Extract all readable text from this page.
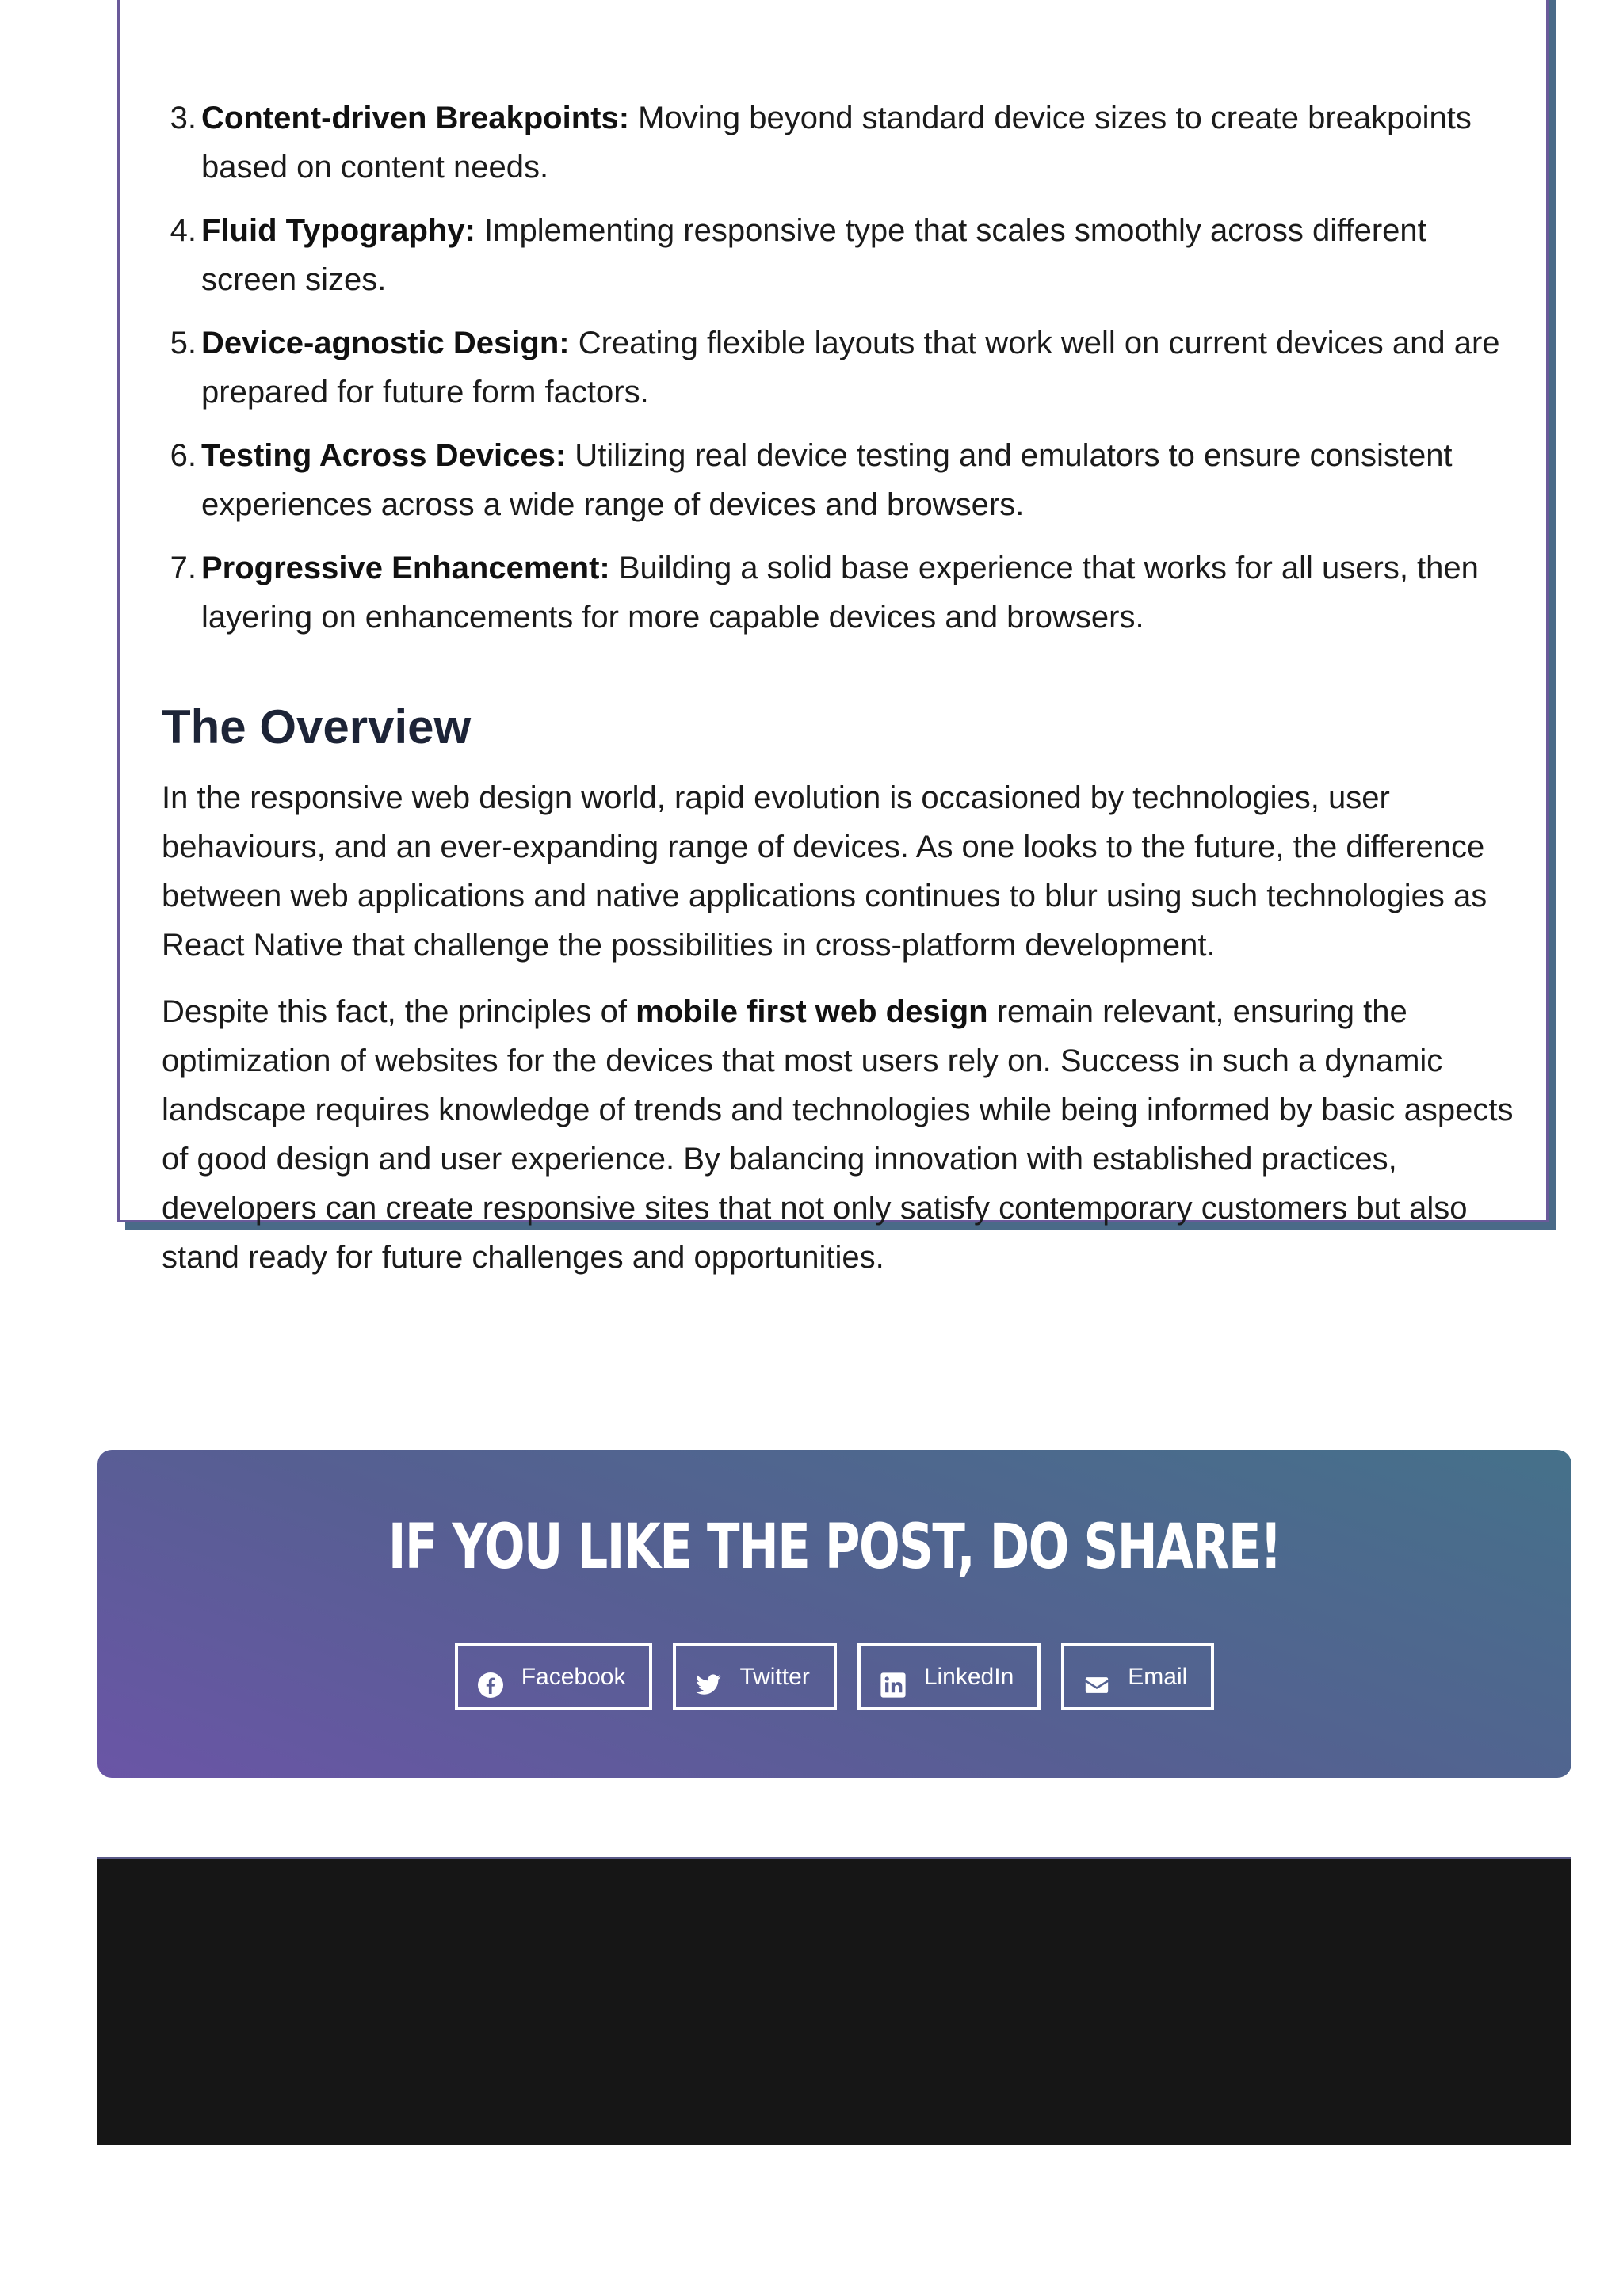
Content-driven Breakpoints: Moving beyond standard device sizes to create breakpoints based on content needs.
Fluid Typography: Implementing responsive type that scales smoothly across different screen sizes.
Device-agnostic Design: Creating flexible layouts that work well on current devices and are prepared for future form factors.
Testing Across Devices: Utilizing real device testing and emulators to ensure consistent experiences across a wide range of devices and browsers.
Progressive Enhancement: Building a solid base experience that works for all users, then layering on enhancements for more capable devices and browsers.
The Overview

In the responsive web design world, rapid evolution is occasioned by technologies, user behaviours, and an ever-expanding range of devices. As one looks to the future, the difference between web applications and native applications continues to blur using such technologies as React Native that challenge the possibilities in cross-platform development.

Despite this fact, the principles of mobile first web design remain relevant, ensuring the optimization of websites for the devices that most users rely on. Success in such a dynamic landscape requires knowledge of trends and technologies while being informed by basic aspects of good design and user experience. By balancing innovation with established practices, developers can create responsive sites that not only satisfy contemporary customers but also stand ready for future challenges and opportunities.

IF YOU LIKE THE POST, DO SHARE!
Facebook	Twitter	LinkedIn	Email
